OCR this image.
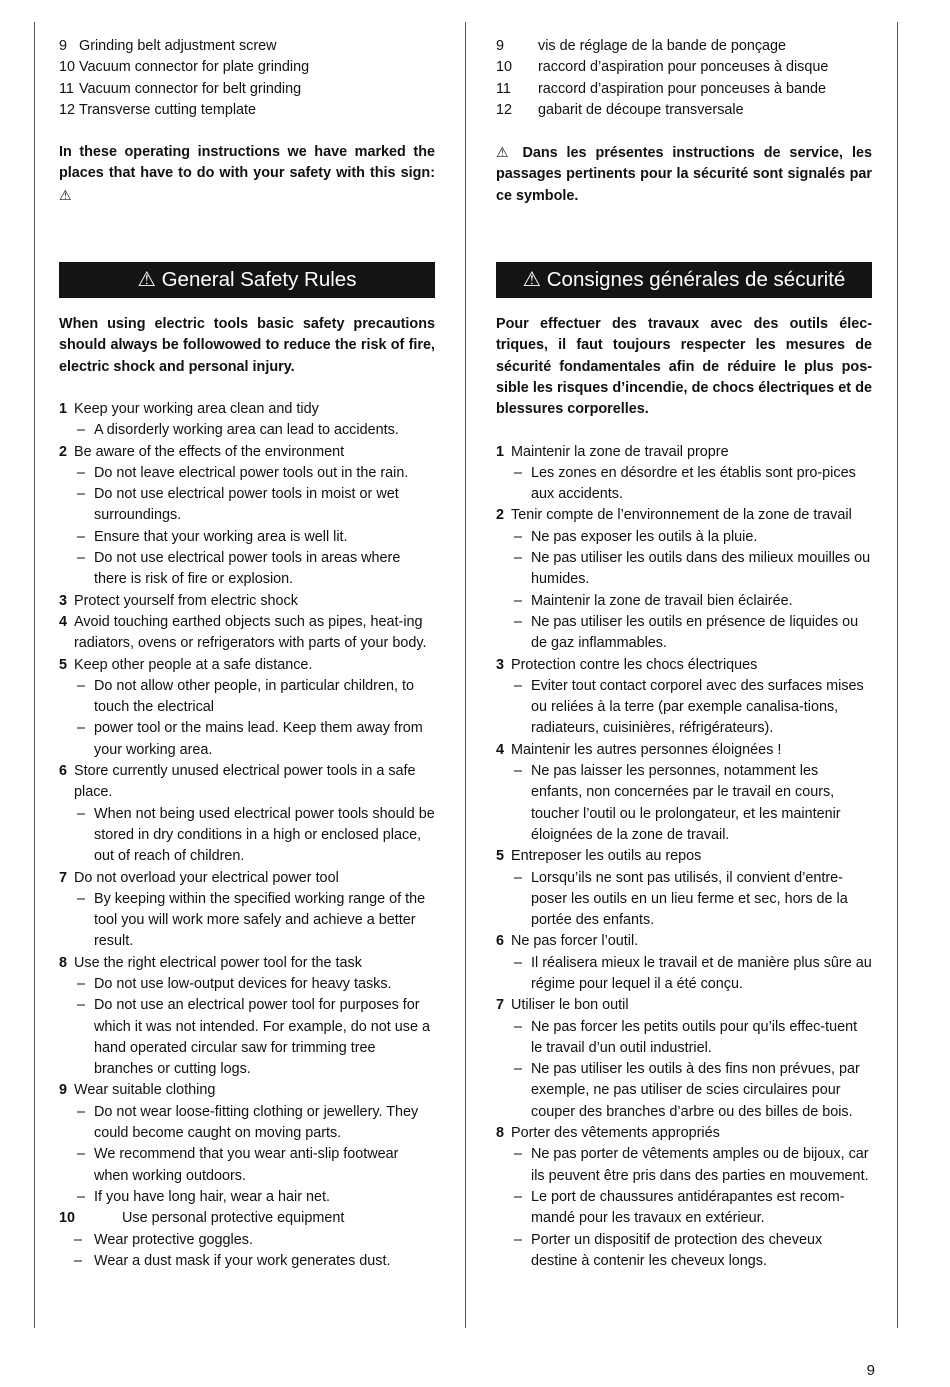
9 Grinding belt adjustment screw
10 Vacuum connector for plate grinding
11 Vacuum connector for belt grinding
12 Transverse cutting template

In these operating instructions we have marked the places that have to do with your safety with this sign: ⚠

⚠ General Safety Rules

When using electric tools basic safety precautions should always be followowed to reduce the risk of fire, electric shock and personal injury.

1 Keep your working area clean and tidy
– A disorderly working area can lead to accidents.
2 Be aware of the effects of the environment
– Do not leave electrical power tools out in the rain.
– Do not use electrical power tools in moist or wet surroundings.
– Ensure that your working area is well lit.
– Do not use electrical power tools in areas where there is risk of fire or explosion.
3 Protect yourself from electric shock
4 Avoid touching earthed objects such as pipes, heat-ing radiators, ovens or refrigerators with parts of your body.
5 Keep other people at a safe distance.
– Do not allow other people, in particular children, to touch the electrical
– power tool or the mains lead. Keep them away from your working area.
6 Store currently unused electrical power tools in a safe place.
– When not being used electrical power tools should be stored in dry conditions in a high or enclosed place, out of reach of children.
7 Do not overload your electrical power tool
– By keeping within the specified working range of the tool you will work more safely and achieve a better result.
8 Use the right electrical power tool for the task
– Do not use low-output devices for heavy tasks.
– Do not use an electrical power tool for purposes for which it was not intended. For example, do not use a hand operated circular saw for trimming tree branches or cutting logs.
9 Wear suitable clothing
– Do not wear loose-fitting clothing or jewellery. They could become caught on moving parts.
– We recommend that you wear anti-slip footwear when working outdoors.
– If you have long hair, wear a hair net.
10	Use personal protective equipment
– Wear protective goggles.
– Wear a dust mask if your work generates dust.
9	vis de réglage de la bande de ponçage
10	raccord d’aspiration pour ponceuses à disque
11	raccord d’aspiration pour ponceuses à bande
12	gabarit de découpe transversale

⚠ Dans les présentes instructions de service, les passages pertinents pour la sécurité sont signalés par ce symbole.

⚠ Consignes générales de sécurité

Pour effectuer des travaux avec des outils élec-triques, il faut toujours respecter les mesures de sécurité fondamentales afin de réduire le plus pos-sible les risques d’incendie, de chocs électriques et de blessures corporelles.

1 Maintenir la zone de travail propre
– Les zones en désordre et les établis sont pro-pices aux accidents.
2 Tenir compte de l’environnement de la zone de travail
– Ne pas exposer les outils à la pluie.
– Ne pas utiliser les outils dans des milieux mouilles ou humides.
– Maintenir la zone de travail bien éclairée.
– Ne pas utiliser les outils en présence de liquides ou de gaz inflammables.
3 Protection contre les chocs électriques
– Eviter tout contact corporel avec des surfaces mises ou reliées à la terre (par exemple canalisa-tions, radiateurs, cuisinières, réfrigérateurs).
4 Maintenir les autres personnes éloignées !
– Ne pas laisser les personnes, notamment les enfants, non concernées par le travail en cours, toucher l’outil ou le prolongateur, et les maintenir éloignées de la zone de travail.
5 Entreposer les outils au repos
– Lorsqu’ils ne sont pas utilisés, il convient d’entre-poser les outils en un lieu ferme et sec, hors de la portée des enfants.
6 Ne pas forcer l’outil.
– Il réalisera mieux le travail et de manière plus sûre au régime pour lequel il a été conçu.
7 Utiliser le bon outil
– Ne pas forcer les petits outils pour qu’ils effec-tuent le travail d’un outil industriel.
– Ne pas utiliser les outils à des fins non prévues, par exemple, ne pas utiliser de scies circulaires pour couper des branches d’arbre ou des billes de bois.
8 Porter des vêtements appropriés
– Ne pas porter de vêtements amples ou de bijoux, car ils peuvent être pris dans des parties en mouvement.
– Le port de chaussures antidérapantes est recom-mandé pour les travaux en extérieur.
– Porter un dispositif de protection des cheveux destine à contenir les cheveux longs.
9
